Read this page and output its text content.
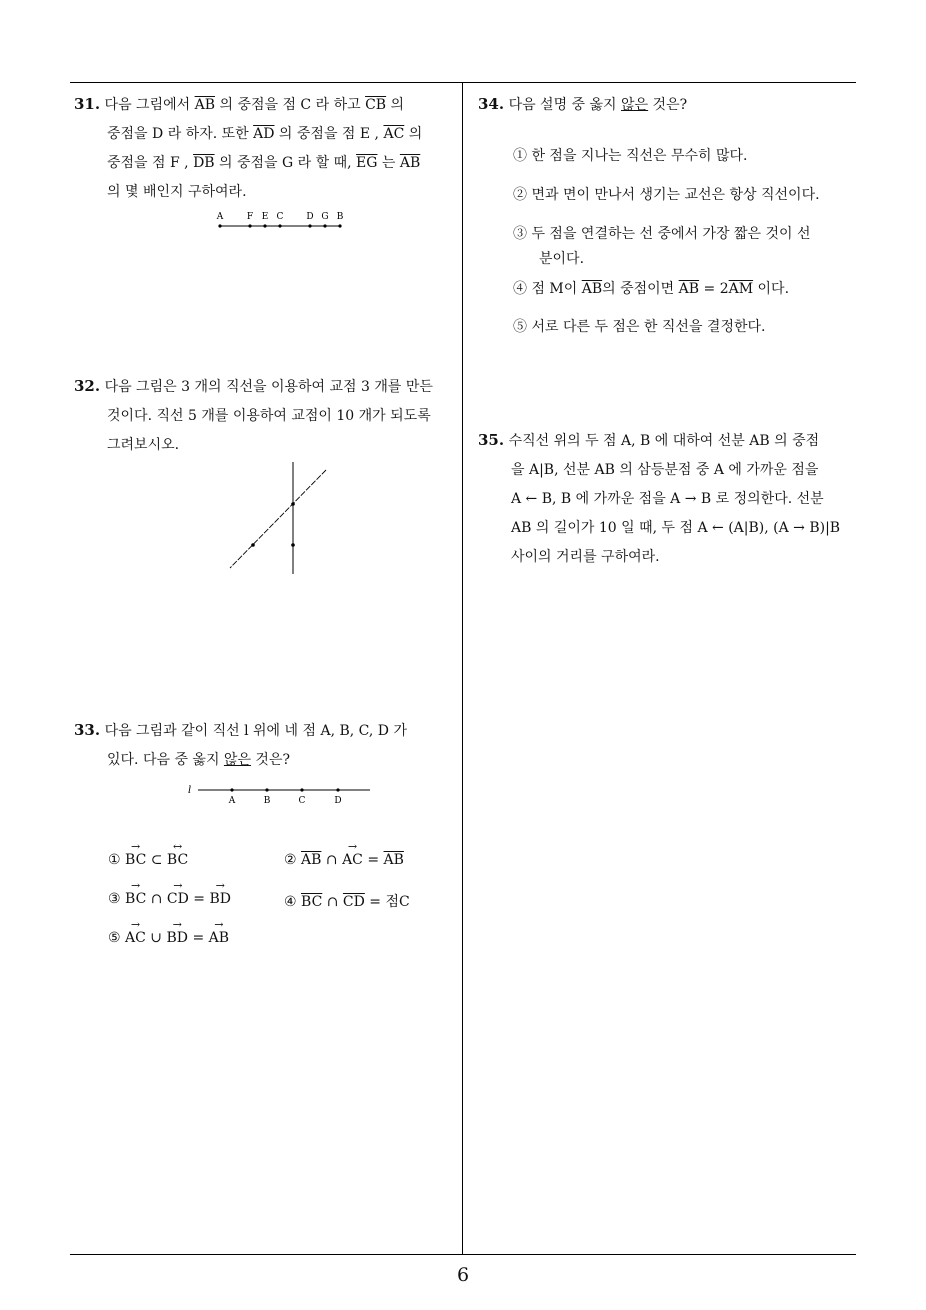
31. 다음 그림에서 $\overline{AB}$ 의 중점을 점 C 라 하고 $\overline{CB}$ 의

중점을 D 라 하자. 또한 $\overline{AD}$ 의 중점을 점 E , $\overline{AC}$ 의

중점을 점 F , $\overline{DB}$ 의 중점을 G 라 할 때, $\overline{EG}$ 는 $\overline{AB}$

의 몇 배인지 구하여라.

A	F E C	D G B

32. 다음 그림은 3 개의 직선을 이용하여 교점 3 개를 만든

것이다. 직선 5 개를 이용하여 교점이 10 개가 되도록

그려보시오.

33. 다음 그림과 같이 직선 l 위에 네 점 A, B, C, D 가

있다. 다음 중 옳지 않은 것은?

l
A	B	C	D
① → BC ⊂ ↔ BC	② $\overline{AB}$ ∩ → AC = $\overline{AB}$
③ → BC ∩ → CD = → BD	④ $\overline{BC}$ ∩ $\overline{CD}$ = 점C
⑤ → AC ∪ → BD = → AB

34. 다음 설명 중 옳지 않은 것은?

① 한 점을 지나는 직선은 무수히 많다.
② 면과 면이 만나서 생기는 교선은 항상 직선이다.
③ 두 점을 연결하는 선 중에서 가장 짧은 것이 선
분이다.
④ 점 M이 $\overline{AB}$의 중점이면 $\overline{AB} = 2\overline{AM}$ 이다.
⑤ 서로 다른 두 점은 한 직선을 결정한다.

35. 수직선 위의 두 점 A, B 에 대하여 선분 AB 의 중점

을 A|B, 선분 AB 의 삼등분점 중 A 에 가까운 점을

A ← B, B 에 가까운 점을 A → B 로 정의한다. 선분

AB 의 길이가 10 일 때, 두 점 A ← (A|B), (A → B)|B

사이의 거리를 구하여라.

6
